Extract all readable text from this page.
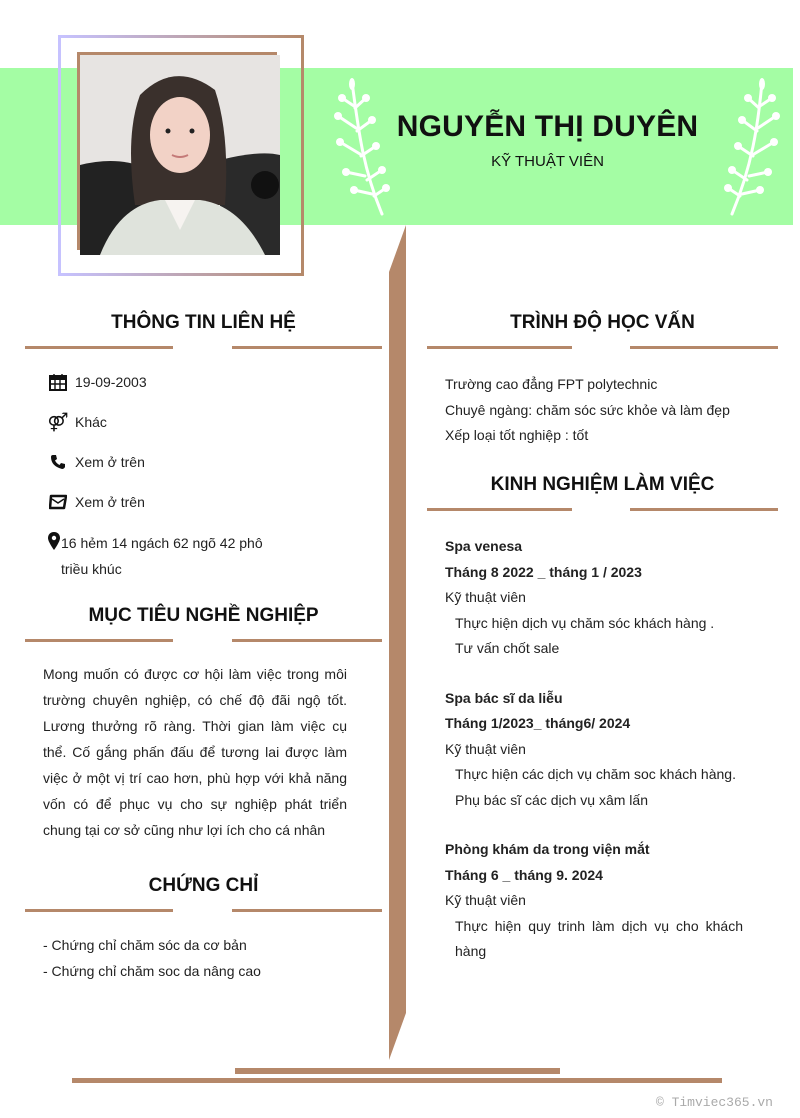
NGUYỄN THỊ DUYÊN
KỸ THUẬT VIÊN
THÔNG TIN LIÊN HỆ
19-09-2003
⚤ Khác
Xem ở trên
Xem ở trên
16 hẻm 14 ngách 62 ngõ 42 phô triều khúc
MỤC TIÊU NGHỀ NGHIỆP
Mong muốn có được cơ hội làm việc trong môi trường chuyên nghiệp, có chế độ đãi ngộ tốt. Lương thưởng rõ ràng. Thời gian làm việc cụ thể. Cố gắng phấn đấu để tương lai được làm việc ở một vị trí cao hơn, phù hợp với khả năng vốn có để phục vụ cho sự nghiệp phát triển chung tại cơ sở cũng như lợi ích cho cá nhân
CHỨNG CHỈ
- Chứng chỉ chăm sóc da cơ bản
- Chứng chỉ chăm soc da nâng cao
TRÌNH ĐỘ HỌC VẤN
Trường cao đẳng FPT polytechnic
Chuyê ngàng: chăm sóc sức khỏe và làm đẹp
Xếp loại tốt nghiệp : tốt
KINH NGHIỆM LÀM VIỆC
Spa venesa
Tháng 8 2022 _ tháng 1 / 2023
Kỹ thuật viên
Thực hiện dịch vụ chăm sóc khách hàng .
Tư vấn chốt sale
Spa bác sĩ da liễu
Tháng 1/2023_ tháng6/ 2024
Kỹ thuật viên
Thực hiện các dịch vụ chăm soc khách hàng.
Phụ bác sĩ các dịch vụ xâm lấn
Phòng khám da trong viện mắt
Tháng 6 _ tháng 9. 2024
Kỹ thuật viên
Thực hiện quy trinh làm dịch vụ cho khách hàng
© Timviec365.vn
